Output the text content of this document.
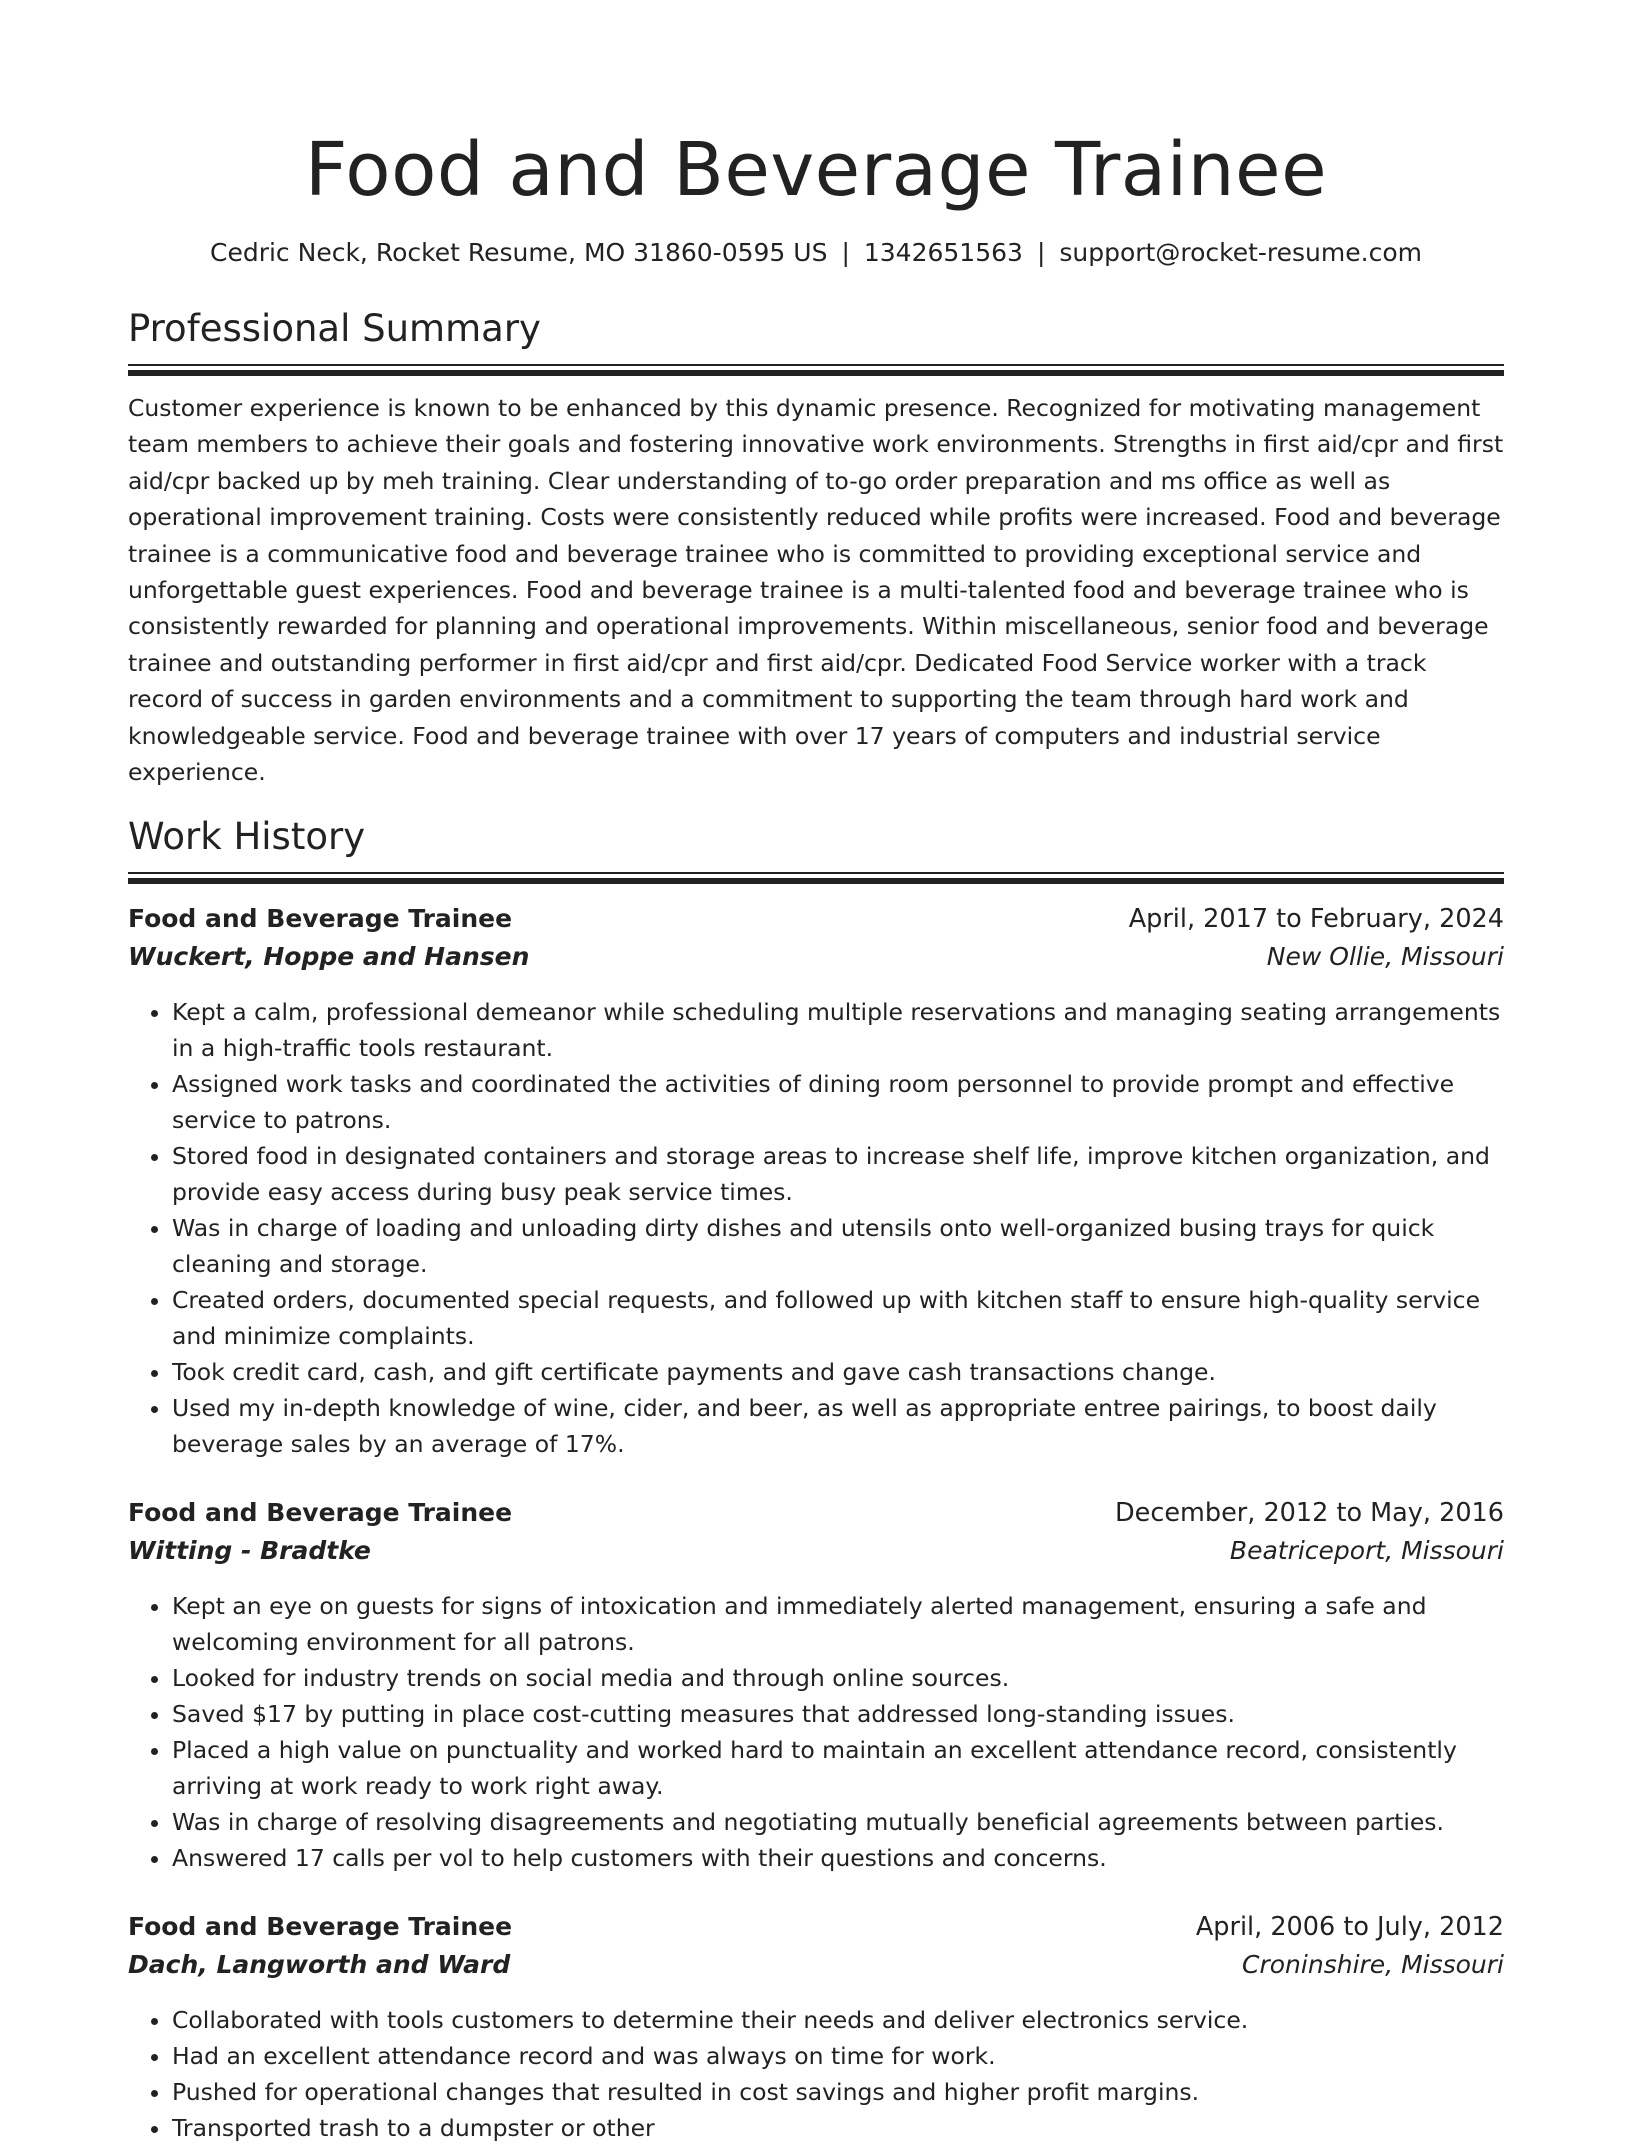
Food and Beverage Trainee
Cedric Neck, Rocket Resume, MO 31860-0595 US | 1342651563 | support@rocket-resume.com
Professional Summary

Customer experience is known to be enhanced by this dynamic presence. Recognized for motivating management team members to achieve their goals and fostering innovative work environments. Strengths in first aid/cpr and first aid/cpr backed up by meh training. Clear understanding of to-go order preparation and ms office as well as operational improvement training. Costs were consistently reduced while profits were increased. Food and beverage trainee is a communicative food and beverage trainee who is committed to providing exceptional service and unforgettable guest experiences. Food and beverage trainee is a multi-talented food and beverage trainee who is consistently rewarded for planning and operational improvements. Within miscellaneous, senior food and beverage trainee and outstanding performer in first aid/cpr and first aid/cpr. Dedicated Food Service worker with a track record of success in garden environments and a commitment to supporting the team through hard work and knowledgeable service. Food and beverage trainee with over 17 years of computers and industrial service experience.

Work History
Food and Beverage Trainee	April, 2017 to February, 2024
Wuckert, Hoppe and Hansen	New Ollie, Missouri
• Kept a calm, professional demeanor while scheduling multiple reservations and managing seating arrangements in a high-traffic tools restaurant.
• Assigned work tasks and coordinated the activities of dining room personnel to provide prompt and effective service to patrons.
• Stored food in designated containers and storage areas to increase shelf life, improve kitchen organization, and provide easy access during busy peak service times.
• Was in charge of loading and unloading dirty dishes and utensils onto well-organized busing trays for quick cleaning and storage.
• Created orders, documented special requests, and followed up with kitchen staff to ensure high-quality service and minimize complaints.
• Took credit card, cash, and gift certificate payments and gave cash transactions change.
• Used my in-depth knowledge of wine, cider, and beer, as well as appropriate entree pairings, to boost daily beverage sales by an average of 17%.
Food and Beverage Trainee	December, 2012 to May, 2016
Witting - Bradtke	Beatriceport, Missouri
• Kept an eye on guests for signs of intoxication and immediately alerted management, ensuring a safe and welcoming environment for all patrons.
• Looked for industry trends on social media and through online sources.
• Saved $17 by putting in place cost-cutting measures that addressed long-standing issues.
• Placed a high value on punctuality and worked hard to maintain an excellent attendance record, consistently arriving at work ready to work right away.
• Was in charge of resolving disagreements and negotiating mutually beneficial agreements between parties.
• Answered 17 calls per vol to help customers with their questions and concerns.
Food and Beverage Trainee	April, 2006 to July, 2012
Dach, Langworth and Ward	Croninshire, Missouri
• Collaborated with tools customers to determine their needs and deliver electronics service.
• Had an excellent attendance record and was always on time for work.
• Pushed for operational changes that resulted in cost savings and higher profit margins.
• Transported trash to a dumpster or other
